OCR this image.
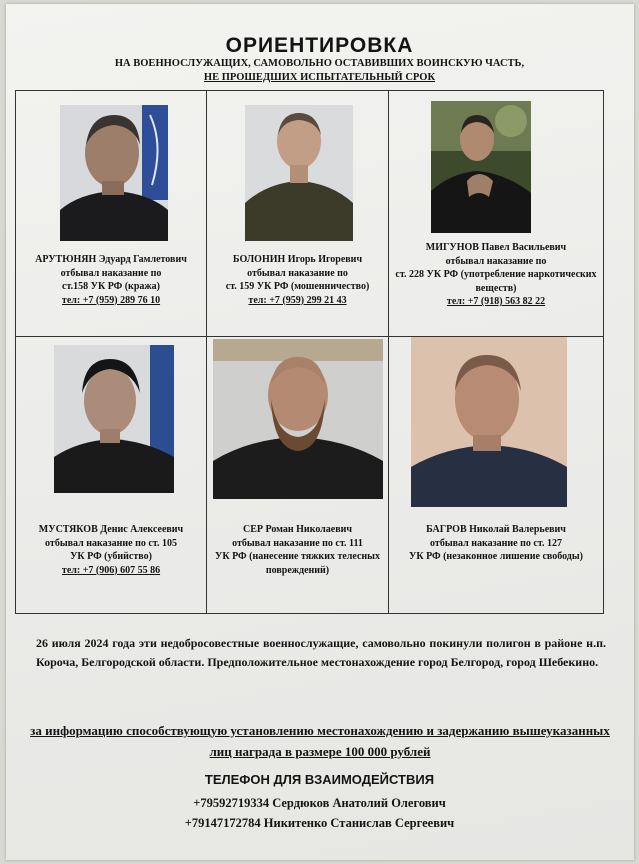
ОРИЕНТИРОВКА
НА ВОЕННОСЛУЖАЩИХ, САМОВОЛЬНО ОСТАВИВШИХ ВОИНСКУЮ ЧАСТЬ,
НЕ ПРОШЕДШИХ ИСПЫТАТЕЛЬНЫЙ СРОК
АРУТЮНЯН Эдуард Гамлетович
отбывал наказание по
ст.158 УК РФ (кража)
тел: +7 (959) 289 76 10
БОЛОНИН Игорь Игоревич
отбывал наказание по
ст. 159 УК РФ (мошенничество)
тел: +7 (959) 299 21 43
МИГУНОВ Павел Васильевич
отбывал наказание по
ст. 228 УК РФ (употребление наркотических веществ)
тел: +7 (918) 563 82 22
МУСТЯКОВ Денис Алексеевич
отбывал наказание по ст. 105
УК РФ (убийство)
тел: +7 (906) 607 55 86
СЕР Роман Николаевич
отбывал наказание по ст. 111
УК РФ (нанесение тяжких телесных повреждений)
БАГРОВ Николай Валерьевич
отбывал наказание по ст. 127
УК РФ (незаконное лишение свободы)
26 июля 2024 года эти недобросовестные военнослужащие, самовольно покинули полигон в районе н.п. Короча, Белгородской области. Предположительное местонахождение город Белгород, город Шебекино.
за информацию способствующую установлению местонахождению и задержанию вышеуказанных лиц награда в размере 100 000 рублей
ТЕЛЕФОН ДЛЯ ВЗАИМОДЕЙСТВИЯ
+79592719334 Сердюков Анатолий Олегович
+79147172784 Никитенко Станислав Сергеевич
